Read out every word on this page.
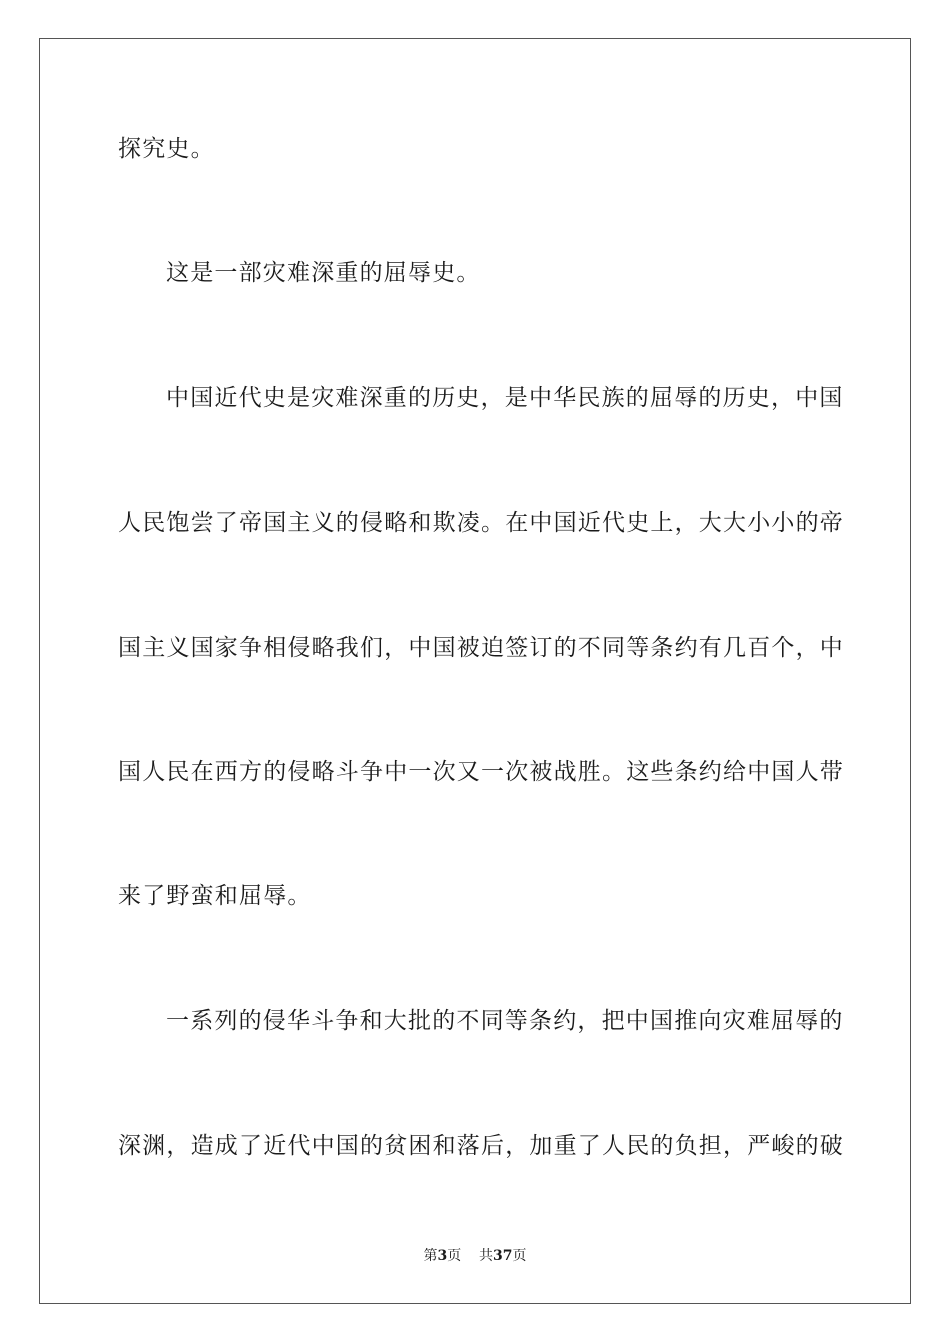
探究史。
这是一部灾难深重的屈辱史。
中国近代史是灾难深重的历史，是中华民族的屈辱的历史，中国
人民饱尝了帝国主义的侵略和欺凌。在中国近代史上，大大小小的帝
国主义国家争相侵略我们，中国被迫签订的不同等条约有几百个，中
国人民在西方的侵略斗争中一次又一次被战胜。这些条约给中国人带
来了野蛮和屈辱。
一系列的侵华斗争和大批的不同等条约，把中国推向灾难屈辱的
深渊，造成了近代中国的贫困和落后，加重了人民的负担，严峻的破
第3页 共37页
